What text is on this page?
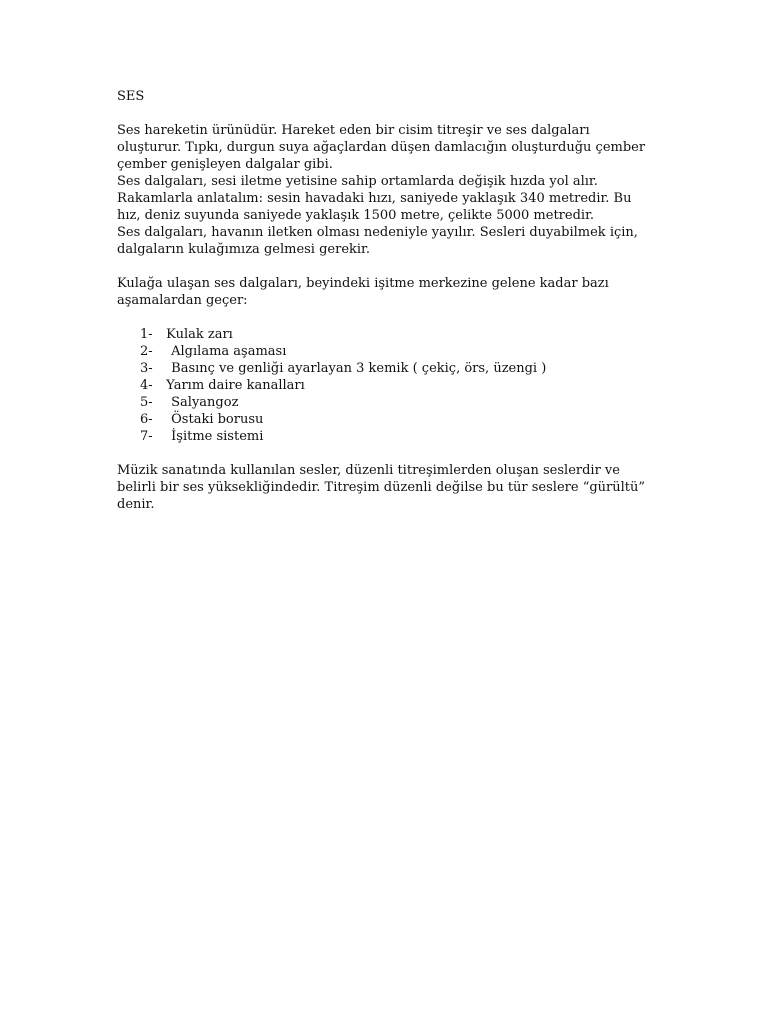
SES

Ses hareketin ürünüdür. Hareket eden bir cisim titreşir ve ses dalgaları
oluşturur. Tıpkı, durgun suya ağaçlardan düşen damlacığın oluşturduğu çember
çember genişleyen dalgalar gibi.
Ses dalgaları, sesi iletme yetisine sahip ortamlarda değişik hızda yol alır.
Rakamlarla anlatalım: sesin havadaki hızı, saniyede yaklaşık 340 metredir. Bu
hız, deniz suyunda saniyede yaklaşık 1500 metre, çelikte 5000 metredir.
Ses dalgaları, havanın iletken olması nedeniyle yayılır. Sesleri duyabilmek için,
dalgaların kulağımıza gelmesi gerekir.

Kulağa ulaşan ses dalgaları, beyindeki işitme merkezine gelene kadar bazı
aşamalardan geçer:

1- Kulak zarı
2- Algılama aşaması
3- Basınç ve genliği ayarlayan 3 kemik ( çekiç, örs, üzengi )
4- Yarım daire kanalları
5- Salyangoz
6- Östaki borusu
7- İşitme sistemi

Müzik sanatında kullanılan sesler, düzenli titreşimlerden oluşan seslerdir ve
belirli bir ses yüksekliğindedir. Titreşim düzenli değilse bu tür seslere “gürültü”
denir.
